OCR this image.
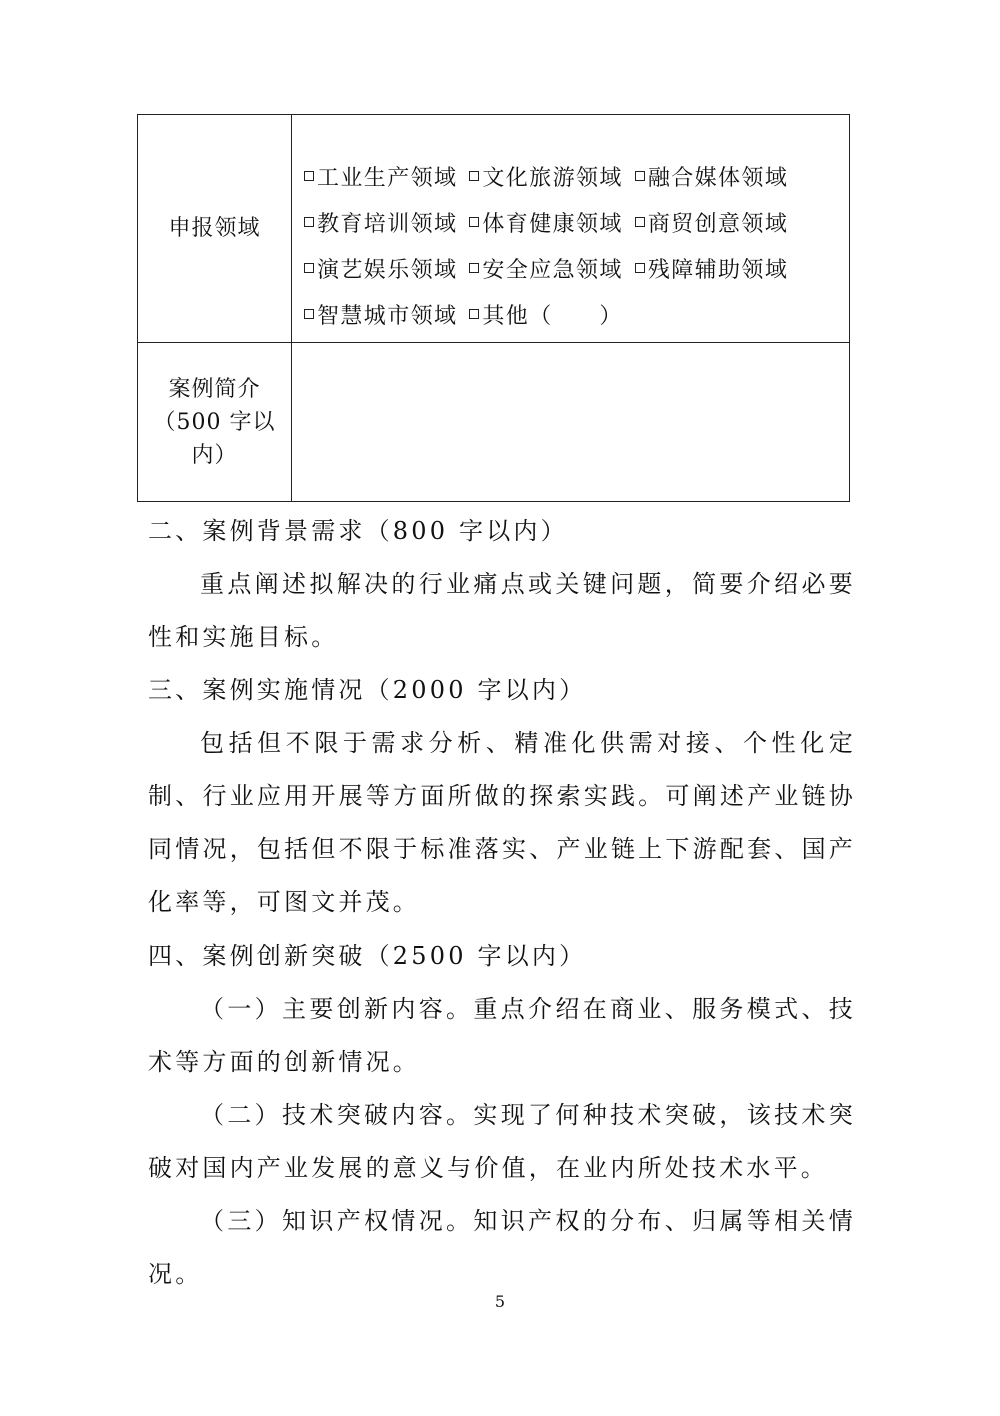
申报领域
工业生产领域 文化旅游领域 融合媒体领域
教育培训领域 体育健康领域 商贸创意领域
演艺娱乐领域 安全应急领域 残障辅助领域
智慧城市领域 其他（　　）
案例简介
（500 字以
内）
二、案例背景需求（800 字以内）
重点阐述拟解决的行业痛点或关键问题，简要介绍必要性和实施目标。
三、案例实施情况（2000 字以内）
包括但不限于需求分析、精准化供需对接、个性化定制、行业应用开展等方面所做的探索实践。可阐述产业链协同情况，包括但不限于标准落实、产业链上下游配套、国产化率等，可图文并茂。
四、案例创新突破（2500 字以内）
（一）主要创新内容。重点介绍在商业、服务模式、技术等方面的创新情况。
（二）技术突破内容。实现了何种技术突破，该技术突破对国内产业发展的意义与价值，在业内所处技术水平。
（三）知识产权情况。知识产权的分布、归属等相关情况。
5
